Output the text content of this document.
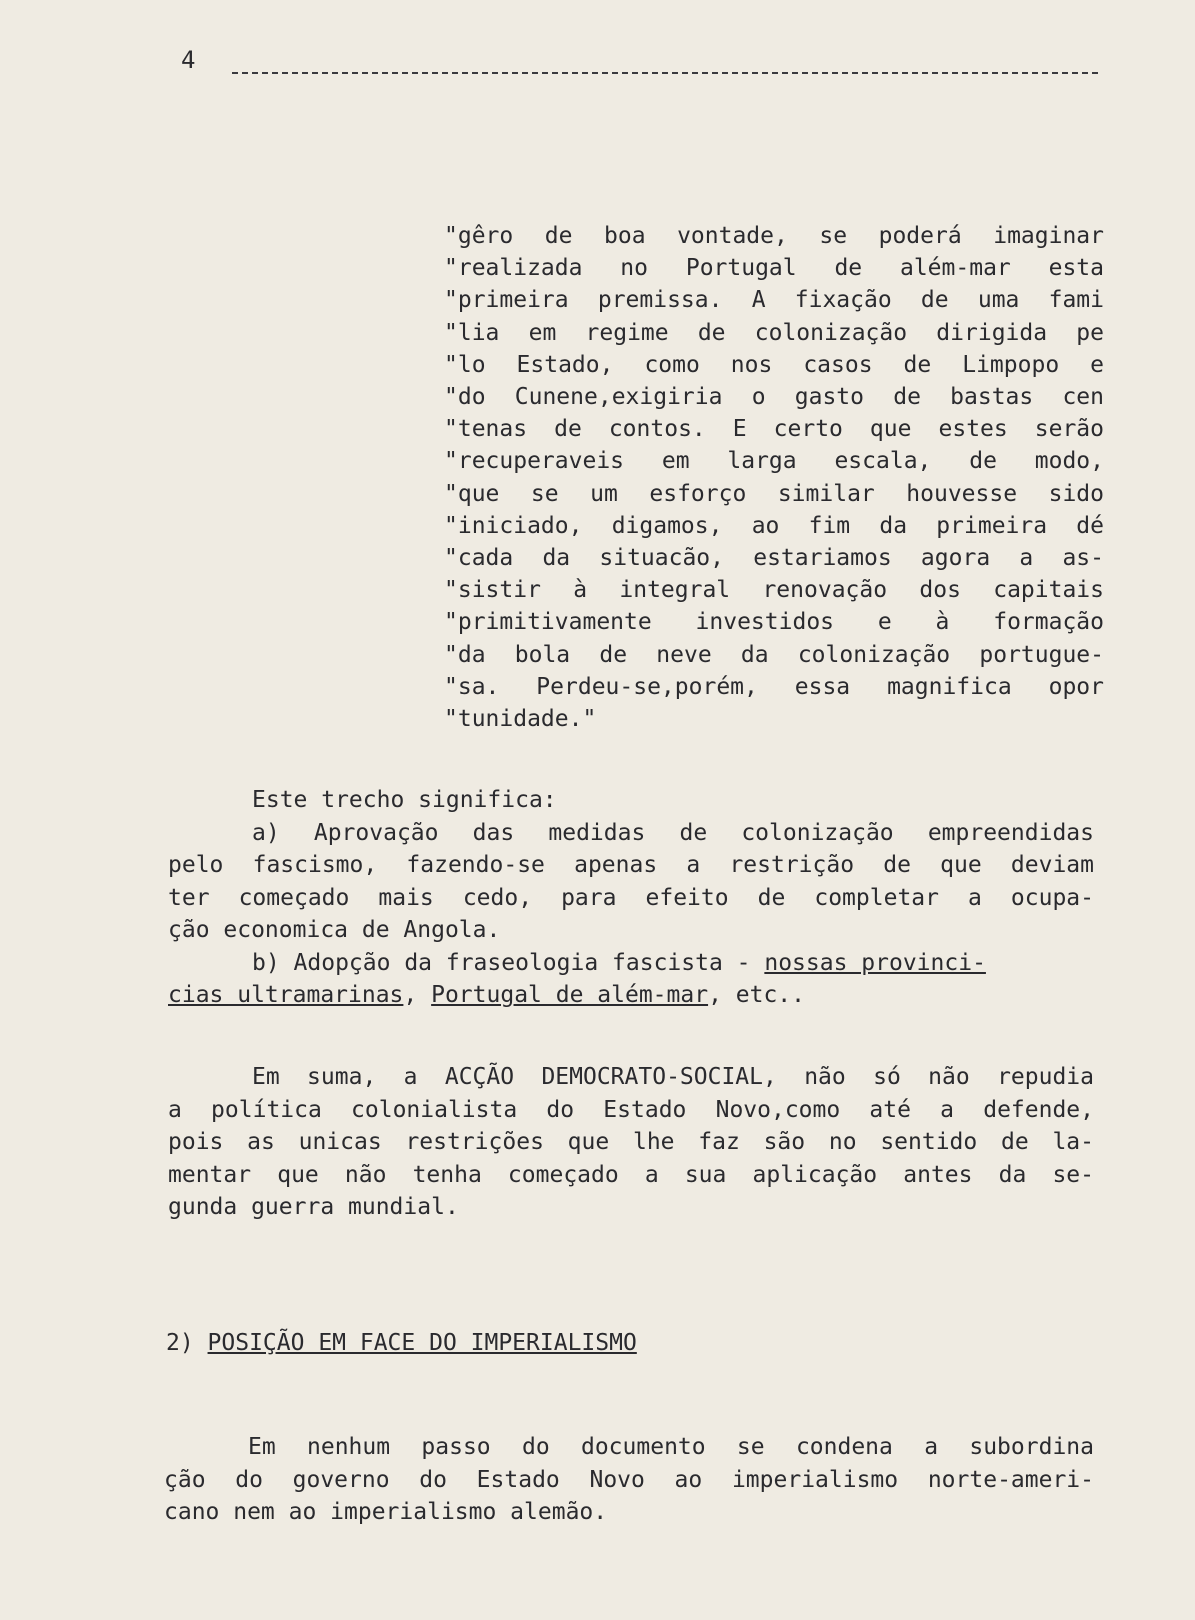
4
"gêro de boa vontade, se poderá imaginar
"realizada no Portugal de além-mar esta
"primeira premissa. A fixação de uma fami
"lia em regime de colonização dirigida pe
"lo Estado, como nos casos de Limpopo e
"do Cunene,exigiria o gasto de bastas cen
"tenas de contos. E certo que estes serão
"recuperaveis em larga escala, de modo,
"que se um esforço similar houvesse sido
"iniciado, digamos, ao fim da primeira dé
"cada da situacão, estariamos agora a as-
"sistir à integral renovação dos capitais
"primitivamente investidos e à formação
"da bola de neve da colonização portugue-
"sa. Perdeu-se,porém, essa magnifica opor
"tunidade."
Este trecho significa:
a) Aprovação das medidas de colonização empreendidas
pelo fascismo, fazendo-se apenas a restrição de que deviam
ter começado mais cedo, para efeito de completar a ocupa-
ção economica de Angola.
b) Adopção da fraseologia fascista - nossas provinci-
cias ultramarinas, Portugal de além-mar, etc..
Em suma, a ACÇÃO DEMOCRATO-SOCIAL, não só não repudia
a política colonialista do Estado Novo,como até a defende,
pois as unicas restrições que lhe faz são no sentido de la-
mentar que não tenha começado a sua aplicação antes da se-
gunda guerra mundial.
2) POSIÇÃO EM FACE DO IMPERIALISMO
Em nenhum passo do documento se condena a subordina
ção do governo do Estado Novo ao imperialismo norte-ameri-
cano nem ao imperialismo alemão.
